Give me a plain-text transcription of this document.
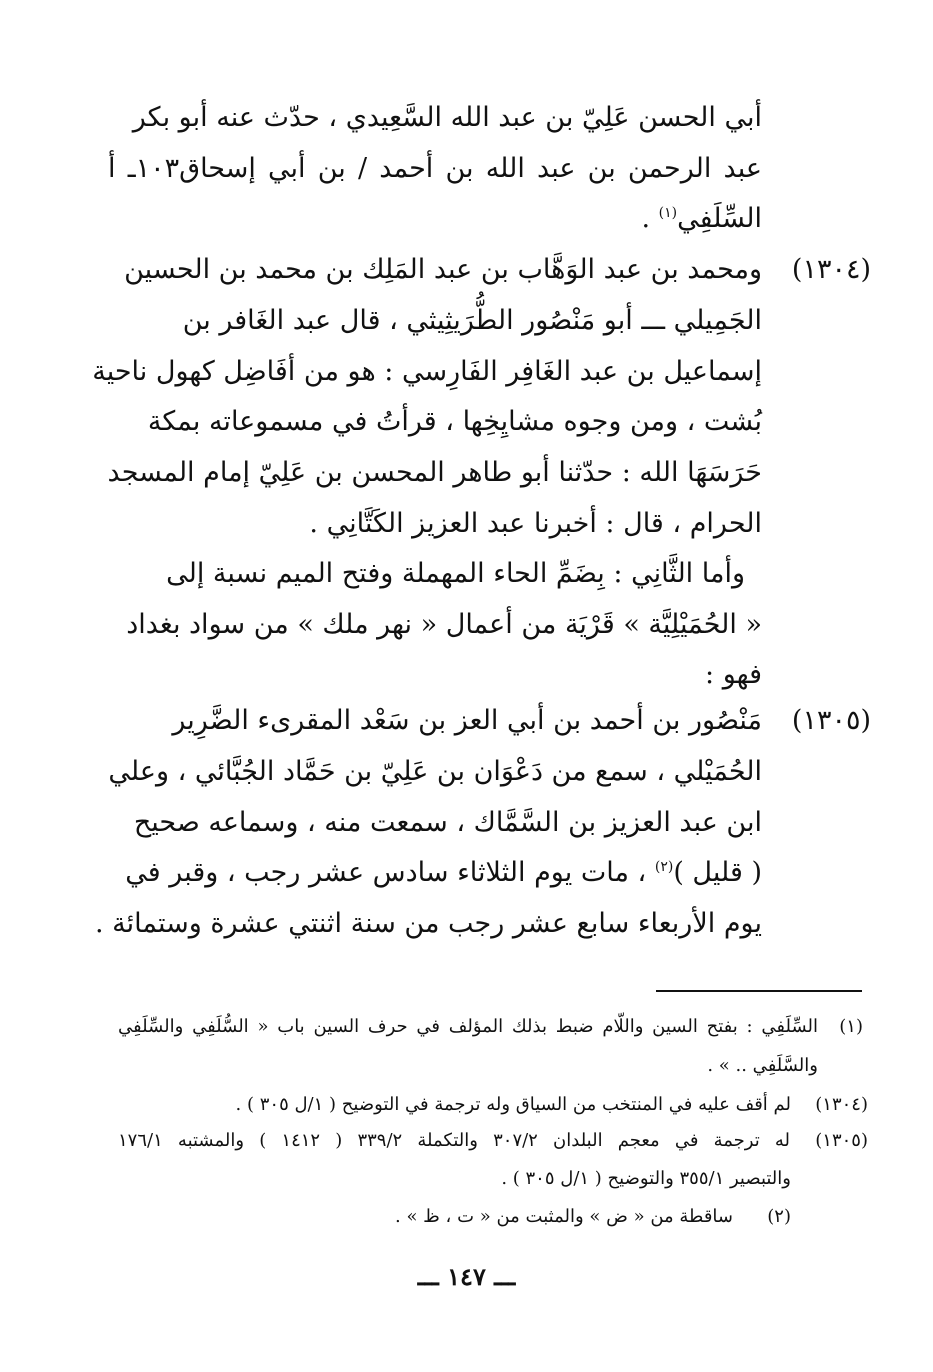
أبي الحسن عَلِيّ بن عبد الله السَّعِيدي ، حدّث عنه أبو بكر
عبد الرحمن بن عبد الله بن أحمد / بن أبي إسحاق١٠٣ـ أ
السِّلَفِي$^{(١)}$ .
(١٣٠٤)
ومحمد بن عبد الوَهَّاب بن عبد المَلِك بن محمد بن الحسين
الجَمِيلي ـــ أبو مَنْصُور الطُّرَيثِيثي ، قال عبد الغَافر بن
إسماعيل بن عبد الغَافِر الفَارِسي : هو من أفَاضِل كهول ناحية
بُشت ، ومن وجوه مشايِخِها ، قرأتُ في مسموعاته بمكة
حَرَسَهَا الله : حدّثنا أبو طاهر المحسن بن عَلِيّ إمام المسجد
الحرام ، قال : أخبرنا عبد العزيز الكَتَّانِي .
وأما الثَّانِي : بِضَمِّ الحاء المهملة وفتح الميم نسبة إلى
« الحُمَيْلِيَّة » قَرْيَة من أعمال « نهر ملك » من سواد بغداد
فهو :
(١٣٠٥)
مَنْصُور بن أحمد بن أبي العز بن سَعْد المقرىء الضَّرِير
الحُمَيْلي ، سمع من دَعْوَان بن عَلِيّ بن حَمَّاد الجُبَّائي ، وعلي
ابن عبد العزيز بن السَّمَّاك ، سمعت منه ، وسماعه صحيح
( قليل )$^{(٢)}$ ، مات يوم الثلاثاء سادس عشر رجب ، وقبر في
يوم الأربعاء سابع عشر رجب من سنة اثنتي عشرة وستمائة .
(١)
السِّلَفِي : بفتح السين واللّام ضبط بذلك المؤلف في حرف السين باب « السُّلَفِي والسِّلَفِي
والسَّلَفِي .. » .
(١٣٠٤)
لم أقف عليه في المنتخب من السياق وله ترجمة في التوضيح ( ١/ل ٣٠٥ ) .
(١٣٠٥)
له ترجمة في معجم البلدان ٣٠٧/٢ والتكملة ٣٣٩/٢ ( ١٤١٢ ) والمشتبه ١٧٦/١
والتبصير ٣٥٥/١ والتوضيح ( ١/ل ٣٠٥ ) .
(٢)
ساقطة من « ض » والمثبت من « ت ، ظ » .
ـــ ١٤٧ ـــ
